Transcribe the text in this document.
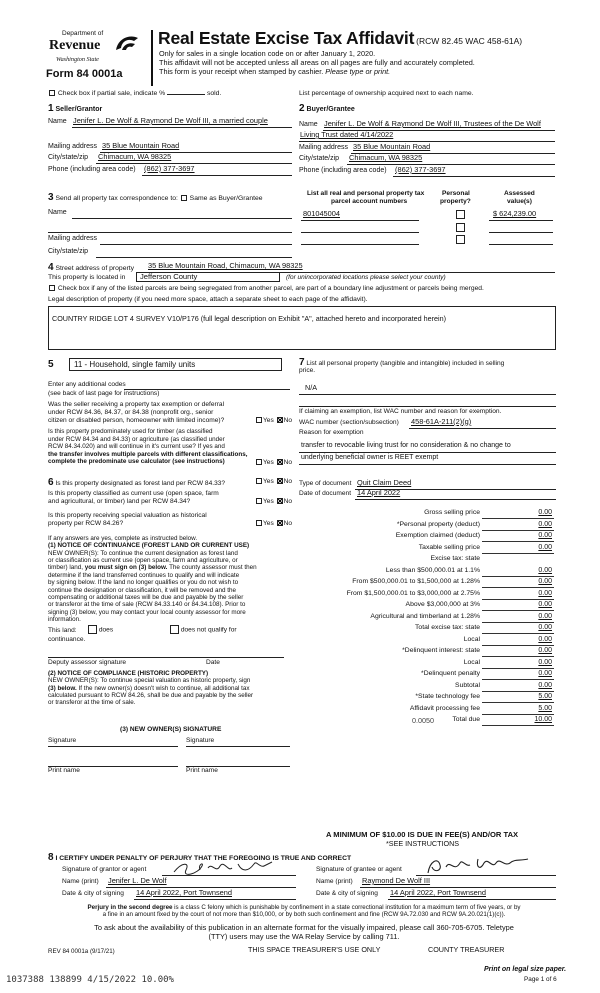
Department of
Revenue
Washington State
Form 84 0001a
Real Estate Excise Tax Affidavit (RCW 82.45 WAC 458-61A)
Only for sales in a single location code on or after January 1, 2020.
This affidavit will not be accepted unless all areas on all pages are fully and accurately completed.
This form is your receipt when stamped by cashier. Please type or print.
Check box if partial sale, indicate %	sold.	List percentage of ownership acquired next to each name.
1 Seller/Grantor
Name Jenifer L. De Wolf & Raymond De Wolf III, a married couple
Mailing address 35 Blue Mountain Road
City/state/zip Chimacum, WA 98325
Phone (including area code) (862) 377-3697
2 Buyer/Grantee
Name Jenifer L. De Wolf & Raymond De Wolf III, Trustees of the De Wolf
Living Trust dated 4/14/2022
Mailing address 35 Blue Mountain Road
City/state/zip Chimacum, WA 98325
Phone (including area code) (862) 377-3697
3 Send all property tax correspondence to: Same as Buyer/Grantee
Name
Mailing address
City/state/zip
List all real and personal property tax
parcel account numbers
Personal
property?
Assessed
value(s)
801045004	$ 624,239.00
4 Street address of property 35 Blue Mountain Road, Chimacum, WA 98325
This property is located in Jefferson County	(for unincorporated locations please select your county)
Check box if any of the listed parcels are being segregated from another parcel, are part of a boundary line adjustment or parcels being merged.
Legal description of property (if you need more space, attach a separate sheet to each page of the affidavit).
COUNTRY RIDGE LOT 4 SURVEY V10/P176 (full legal description on Exhibit "A", attached hereto and incorporated herein)
5	11 - Household, single family units
Enter any additional codes
(see back of last page for instructions)
Was the seller receiving a property tax exemption or deferral
under RCW 84.36, 84.37, or 84.38 (nonprofit org., senior
citizen or disabled person, homeowner with limited income)?	Yes No
Is this property predominately used for timber (as classified
under RCW 84.34 and 84.33) or agriculture (as classified under
RCW 84.34.020) and will continue in it's current use? If yes and
the transfer involves multiple parcels with different classifications,
complete the predominate use calculator (see instructions)	Yes No
6 Is this property designated as forest land per RCW 84.33?	Yes No
Is this property classified as current use (open space, farm
and agricultural, or timber) land per RCW 84.34?	Yes No
Is this property receiving special valuation as historical
property per RCW 84.26?	Yes No
If any answers are yes, complete as instructed below.
(1) NOTICE OF CONTINUANCE (FOREST LAND OR CURRENT USE)
NEW OWNER(S): To continue the current designation as forest land
or classification as current use (open space, farm and agriculture, or
timber) land, you must sign on (3) below. The county assessor must then
determine if the land transferred continues to qualify and will indicate
by signing below. If the land no longer qualifies or you do not wish to
continue the designation or classification, it will be removed and the
compensating or additional taxes will be due and payable by the seller
or transferor at the time of sale (RCW 84.33.140 or 84.34.108). Prior to
signing (3) below, you may contact your local county assessor for more
information.
This land:	does	does not qualify for
continuance.
Deputy assessor signature	Date
(2) NOTICE OF COMPLIANCE (HISTORIC PROPERTY)
NEW OWNER(S): To continue special valuation as historic property, sign
(3) below. If the new owner(s) doesn't wish to continue, all additional tax
calculated pursuant to RCW 84.26, shall be due and payable by the seller
or transferor at the time of sale.
(3) NEW OWNER(S) SIGNATURE
Signature	Signature
Print name	Print name
7 List all personal property (tangible and intangible) included in selling
price.
N/A
If claiming an exemption, list WAC number and reason for exemption.
WAC number (section/subsection) 458-61A-211(2)(g)
Reason for exemption
transfer to revocable living trust for no consideration & no change to
underlying beneficial owner is REET exempt
Type of document Quit Claim Deed
Date of document 14 April 2022
Gross selling price	0.00
*Personal property (deduct)	0.00
Exemption claimed (deduct)	0.00
Taxable selling price	0.00
Excise tax: state
Less than $500,000.01 at 1.1%	0.00
From $500,000.01 to $1,500,000 at 1.28%	0.00
From $1,500,000.01 to $3,000,000 at 2.75%	0.00
Above $3,000,000 at 3%	0.00
Agricultural and timberland at 1.28%	0.00
Total excise tax: state	0.00
Local	0.00
*Delinquent interest: state	0.00
Local	0.00
*Delinquent penalty	0.00
Subtotal	0.00
*State technology fee	5.00
Affidavit processing fee	5.00
Total due	10.00
0.0050
A MINIMUM OF $10.00 IS DUE IN FEE(S) AND/OR TAX
*SEE INSTRUCTIONS
8 I CERTIFY UNDER PENALTY OF PERJURY THAT THE FOREGOING IS TRUE AND CORRECT
Signature of grantor or agent
Name (print) Jenifer L. De Wolf
Date & city of signing 14 April 2022, Port Townsend
Signature of grantee or agent
Name (print) Raymond De Wolf III
Date & city of signing 14 April 2022, Port Townsend
Perjury in the second degree is a class C felony which is punishable by confinement in a state correctional institution for a maximum term of five years, or by
a fine in an amount fixed by the court of not more than $10,000, or by both such confinement and fine (RCW 9A.72.030 and RCW 9A.20.021(1)(c)).
To ask about the availability of this publication in an alternate format for the visually impaired, please call 360-705-6705. Teletype
(TTY) users may use the WA Relay Service by calling 711.
REV 84 0001a (9/17/21)	THIS SPACE TREASURER'S USE ONLY	COUNTY TREASURER
Print on legal size paper.
Page 1 of 6
1037388 138899 4/15/2022 10.00%
